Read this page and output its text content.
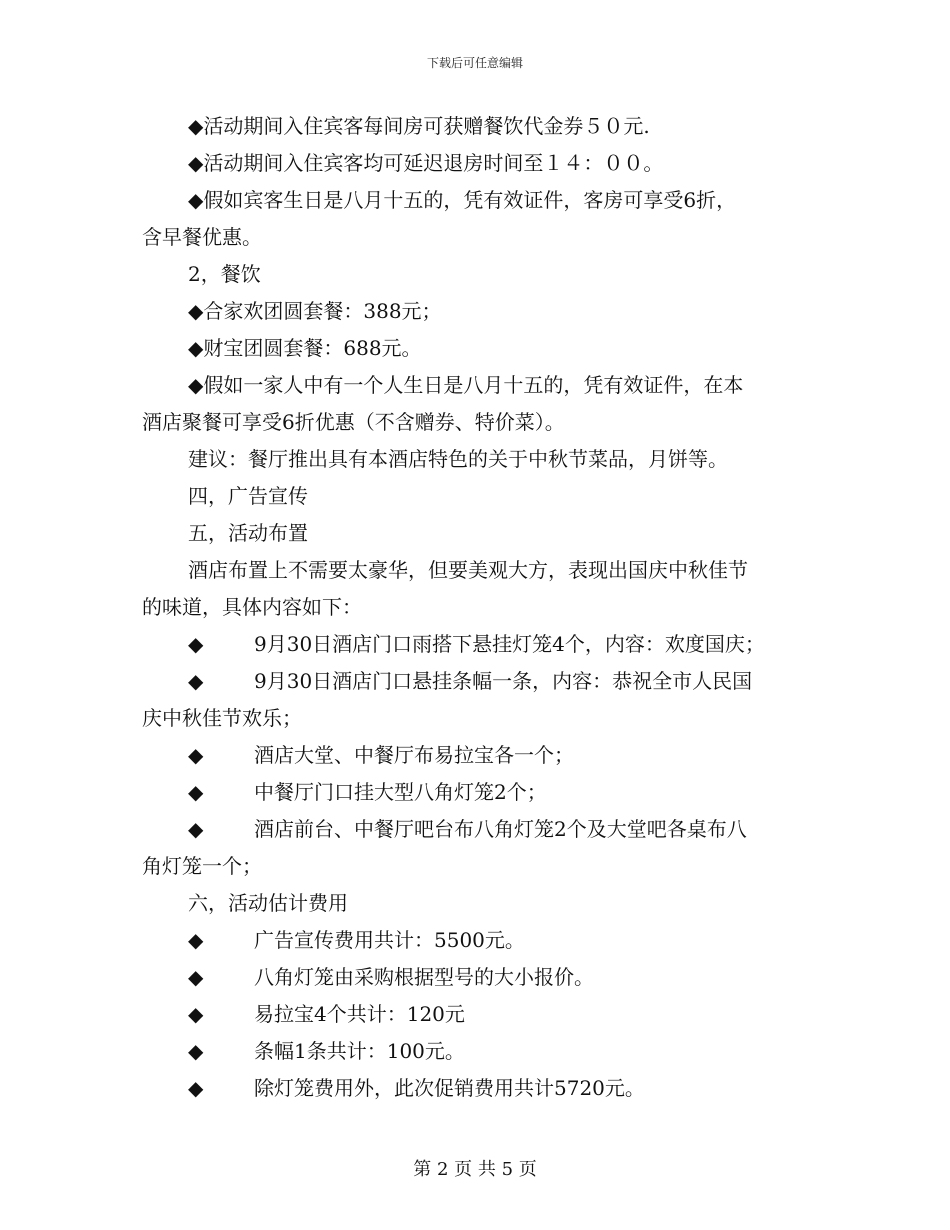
下载后可任意编辑
◆活动期间入住宾客每间房可获赠餐饮代金券５０元.
◆活动期间入住宾客均可延迟退房时间至１４：００。
◆假如宾客生日是八月十五的，凭有效证件，客房可享受6折，
含早餐优惠。
2，餐饮
◆合家欢团圆套餐：388元；
◆财宝团圆套餐：688元。
◆假如一家人中有一个人生日是八月十五的，凭有效证件，在本
酒店聚餐可享受6折优惠（不含赠券、特价菜）。
建议：餐厅推出具有本酒店特色的关于中秋节菜品，月饼等。
四，广告宣传
五，活动布置
酒店布置上不需要太豪华，但要美观大方，表现出国庆中秋佳节
的味道，具体内容如下：
◆	9月30日酒店门口雨搭下悬挂灯笼4个，内容：欢度国庆；
◆	9月30日酒店门口悬挂条幅一条，内容：恭祝全市人民国
庆中秋佳节欢乐；
◆	酒店大堂、中餐厅布易拉宝各一个；
◆	中餐厅门口挂大型八角灯笼2个；
◆	酒店前台、中餐厅吧台布八角灯笼2个及大堂吧各桌布八
角灯笼一个；
六，活动估计费用
◆	广告宣传费用共计：5500元。
◆	八角灯笼由采购根据型号的大小报价。
◆	易拉宝4个共计：120元
◆	条幅1条共计：100元。
◆	除灯笼费用外，此次促销费用共计5720元。
第 2 页 共 5 页
